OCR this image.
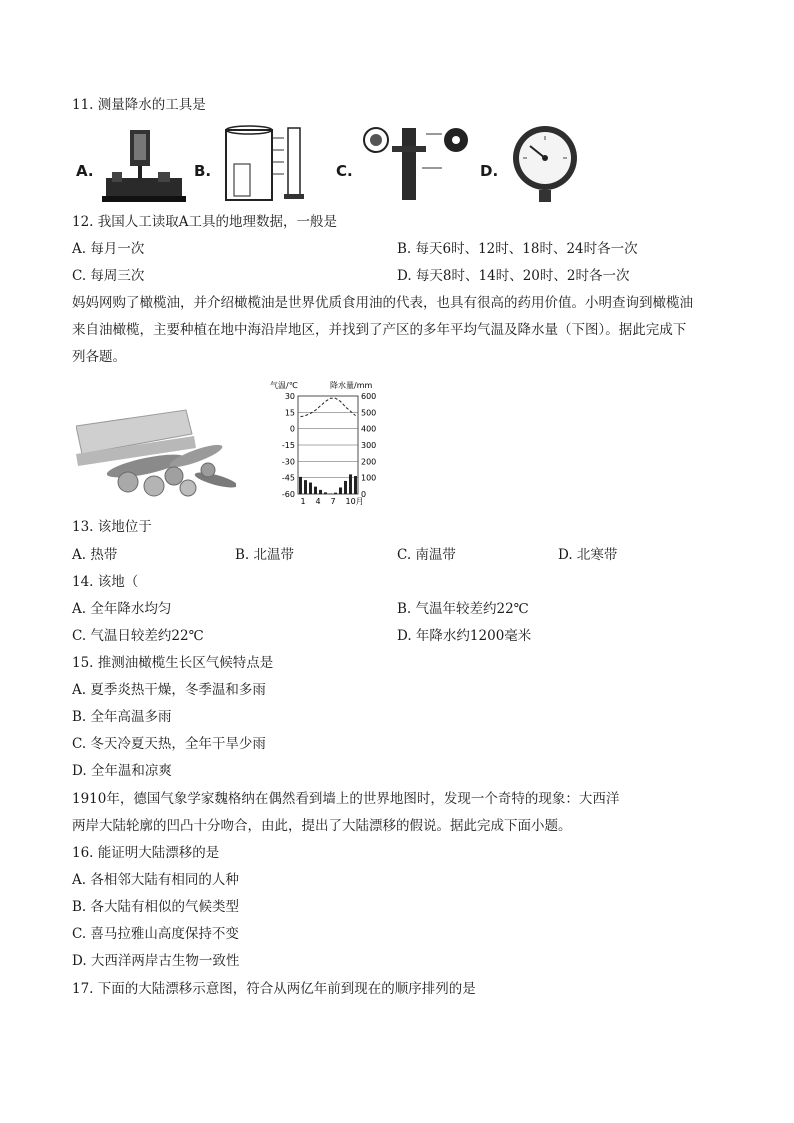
11. 测量降水的工具是
A.	B.	C.	D.
12. 我国人工读取A工具的地理数据，一般是
A. 每月一次	B. 每天6时、12时、18时、24时各一次
C. 每周三次	D. 每天8时、14时、20时、2时各一次
妈妈网购了橄榄油，并介绍橄榄油是世界优质食用油的代表，也具有很高的药用价值。小明查询到橄榄油
来自油橄榄，主要种植在地中海沿岸地区，并找到了产区的多年平均气温及降水量（下图）。据此完成下
列各题。
气温/℃	降水量/mm
30
15
0
-15
-30
-45
-60
600
500
400
300
200
100
0
1 4 7 10月
13. 该地位于
A. 热带	B. 北温带	C. 南温带	D. 北寒带
14. 该地（
A. 全年降水均匀	B. 气温年较差约22℃
C. 气温日较差约22℃	D. 年降水约1200毫米
15. 推测油橄榄生长区气候特点是
A. 夏季炎热干燥，冬季温和多雨
B. 全年高温多雨
C. 冬天冷夏天热，全年干旱少雨
D. 全年温和凉爽
1910年，德国气象学家魏格纳在偶然看到墙上的世界地图时，发现一个奇特的现象：大西洋
两岸大陆轮廓的凹凸十分吻合，由此，提出了大陆漂移的假说。据此完成下面小题。
16. 能证明大陆漂移的是
A. 各相邻大陆有相同的人种
B. 各大陆有相似的气候类型
C. 喜马拉雅山高度保持不变
D. 大西洋两岸古生物一致性
17. 下面的大陆漂移示意图，符合从两亿年前到现在的顺序排列的是
